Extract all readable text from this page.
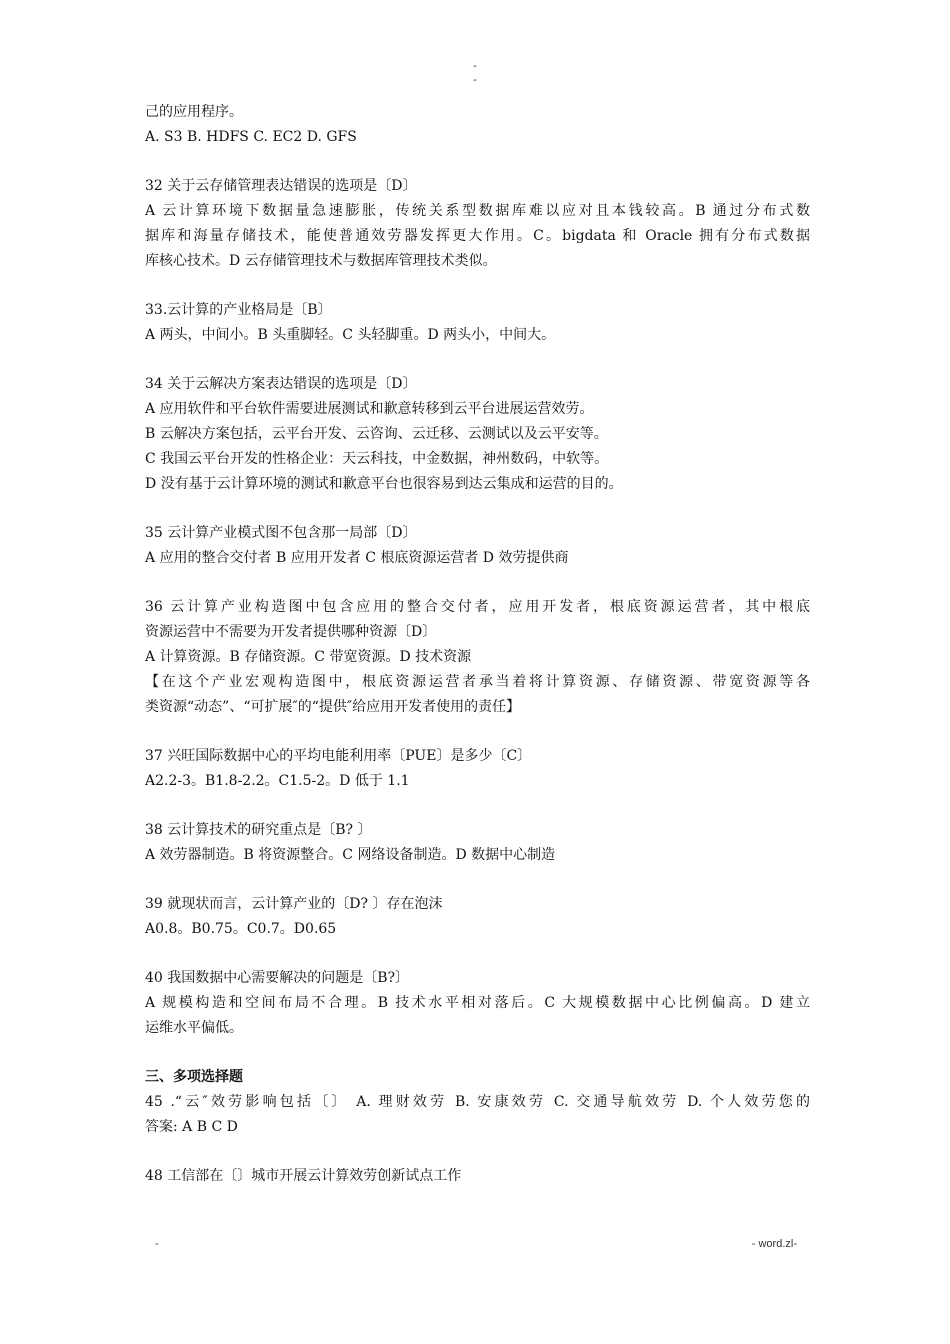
-
-
己的应用程序。
A. S3 B. HDFS C. EC2 D. GFS
32 关于云存储管理表达错误的选项是〔D〕
A 云计算环境下数据量急速膨胀，传统关系型数据库难以应对且本钱较高。B 通过分布式数
据库和海量存储技术，能使普通效劳器发挥更大作用。C。bigdata 和 Oracle 拥有分布式数据
库核心技术。D 云存储管理技术与数据库管理技术类似。
33.云计算的产业格局是〔B〕
A 两头，中间小。B 头重脚轻。C 头轻脚重。D 两头小，中间大。
34 关于云解决方案表达错误的选项是〔D〕
A 应用软件和平台软件需要进展测试和歉意转移到云平台进展运营效劳。
B 云解决方案包括，云平台开发、云咨询、云迁移、云测试以及云平安等。
C 我国云平台开发的性格企业：天云科技，中金数据，神州数码，中软等。
D 没有基于云计算环境的测试和歉意平台也很容易到达云集成和运营的目的。
35 云计算产业模式图不包含那一局部〔D〕
A 应用的整合交付者 B 应用开发者 C 根底资源运营者 D 效劳提供商
36 云计算产业构造图中包含应用的整合交付者，应用开发者，根底资源运营者，其中根底
资源运营中不需要为开发者提供哪种资源〔D〕
A 计算资源。B 存储资源。C 带宽资源。D 技术资源
【在这个产业宏观构造图中，根底资源运营者承当着将计算资源、存储资源、带宽资源等各
类资源“动态”、“可扩展″的“提供″给应用开发者使用的责任】
37 兴旺国际数据中心的平均电能利用率〔PUE〕是多少〔C〕
A2.2-3。B1.8-2.2。C1.5-2。D 低于 1.1
38 云计算技术的研究重点是〔B? 〕
A 效劳器制造。B 将资源整合。C 网络设备制造。D 数据中心制造
39 就现状而言，云计算产业的〔D? 〕存在泡沫
A0.8。B0.75。C0.7。D0.65
40 我国数据中心需要解决的问题是〔B?〕
A 规模构造和空间布局不合理。B 技术水平相对落后。C 大规模数据中心比例偏高。D 建立
运维水平偏低。
三、多项选择题
45 .“云″效劳影响包括〔〕 A. 理财效劳 B. 安康效劳 C. 交通导航效劳 D. 个人效劳您的
答案: A B C D
48 工信部在〔〕城市开展云计算效劳创新试点工作
-	- word.zl-
